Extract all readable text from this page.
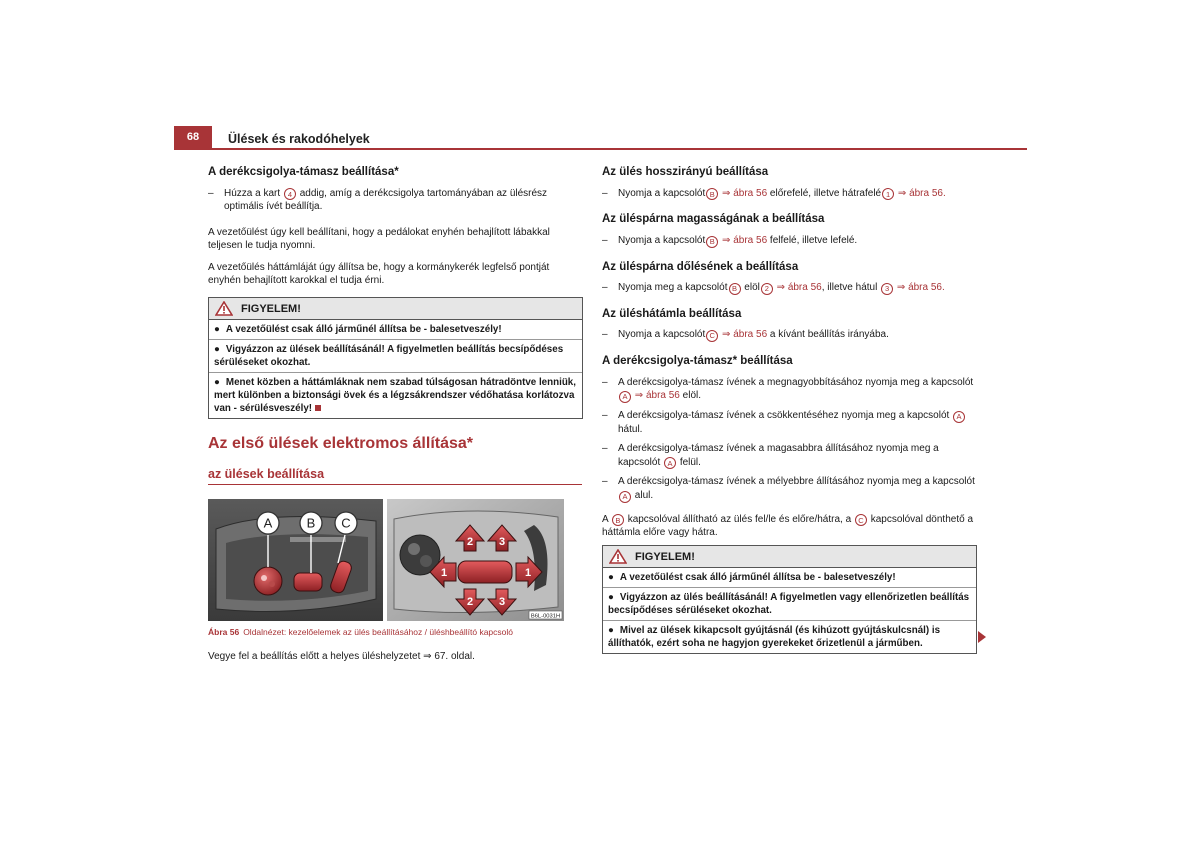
68	Ülések és rakodóhelyek
A derékcsigolya-támasz beállítása*
– Húzza a kart 4 addig, amíg a derékcsigolya tartományában az ülésrész optimális ívét beállítja.

A vezetőülést úgy kell beállítani, hogy a pedálokat enyhén behajlított lábakkal teljesen le tudja nyomni.

A vezetőülés háttámláját úgy állítsa be, hogy a kormánykerék legfelső pontját enyhén behajlított karokkal el tudja érni.

FIGYELEM!
● A vezetőülést csak álló járműnél állítsa be - balesetveszély!
● Vigyázzon az ülések beállításánál! A figyelmetlen beállítás becsípődéses sérüléseket okozhat.
● Menet közben a háttámláknak nem szabad túlságosan hátradöntve lenniük, mert különben a biztonsági övek és a légzsákrendszer védőhatása korlátozva van - sérülésveszély!
Az első ülések elektromos állítása*
az ülések beállítása
A	B C
2 3
1	1
2 3
B6L-0031H
Ábra 56 Oldalnézet: kezelőelemek az ülés beállításához / üléshbeállító kapcsoló
Vegye fel a beállítás előtt a helyes üléshelyzetet ⇒ 67. oldal.
Az ülés hosszirányú beállítása
– Nyomja a kapcsolót B ⇒ ábra 56 előrefelé, illetve hátrafelé 1 ⇒ ábra 56.
Az üléspárna magasságának a beállítása
– Nyomja a kapcsolót B ⇒ ábra 56 felfelé, illetve lefelé.
Az üléspárna dőlésének a beállítása
– Nyomja meg a kapcsolót B elöl 2 ⇒ ábra 56, illetve hátul 3 ⇒ ábra 56.
Az üléshátámla beállítása
– Nyomja a kapcsolót C ⇒ ábra 56 a kívánt beállítás irányába.
A derékcsigolya-támasz* beállítása
– A derékcsigolya-támasz ívének a megnagyobbításához nyomja meg a kapcsolót A ⇒ ábra 56 elöl.
– A derékcsigolya-támasz ívének a csökkentéséhez nyomja meg a kapcsolót A hátul.
– A derékcsigolya-támasz ívének a magasabbra állításához nyomja meg a kapcsolót A felül.
– A derékcsigolya-támasz ívének a mélyebbre állításához nyomja meg a kapcsolót A alul.

A B kapcsolóval állítható az ülés fel/le és előre/hátra, a C kapcsolóval dönthető a háttámla előre vagy hátra.

FIGYELEM!
● A vezetőülést csak álló járműnél állítsa be - balesetveszély!
● Vigyázzon az ülés beállításánál! A figyelmetlen vagy ellenőrizetlen beállítás becsípődéses sérüléseket okozhat.
● Mivel az ülések kikapcsolt gyújtásnál (és kihúzott gyújtáskulcsnál) is állíthatók, ezért soha ne hagyjon gyerekeket őrizetlenül a járműben.
